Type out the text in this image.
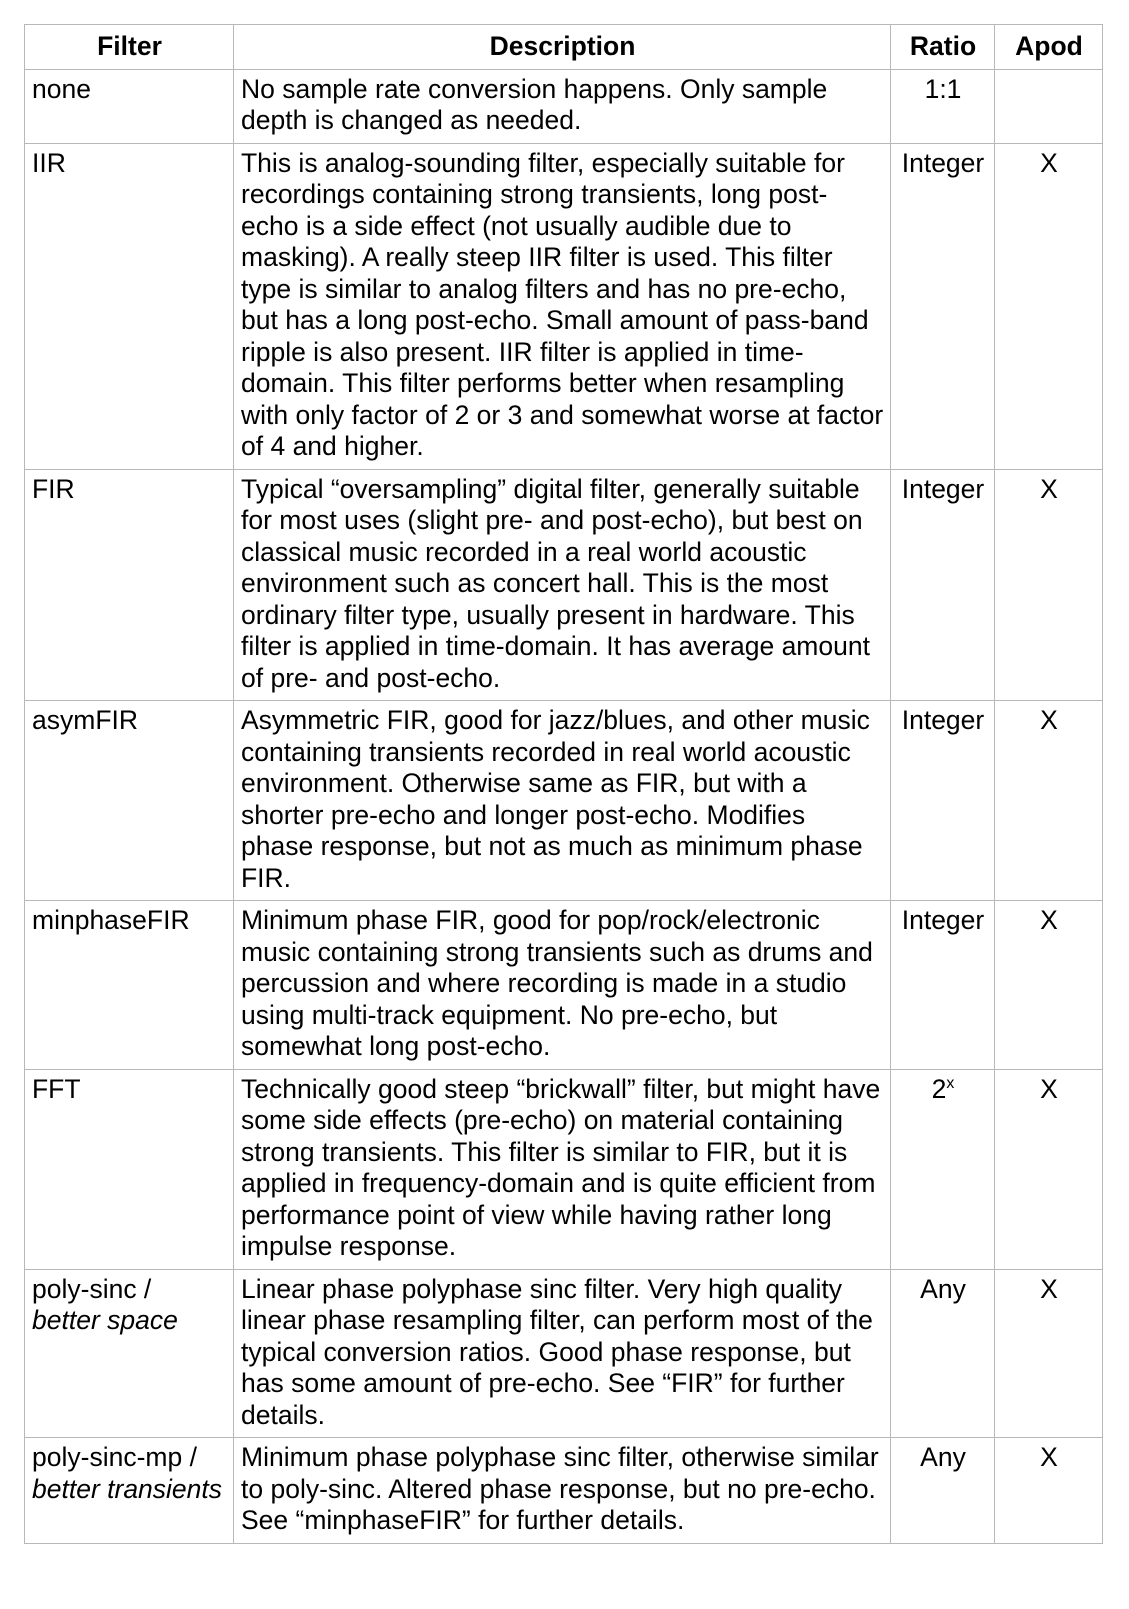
Filter	Description	Ratio	Apod
none	No sample rate conversion happens. Only sample depth is changed as needed.	1:1	
IIR	This is analog-sounding filter, especially suitable for recordings containing strong transients, long post-echo is a side effect (not usually audible due to masking). A really steep IIR filter is used. This filter type is similar to analog filters and has no pre-echo, but has a long post-echo. Small amount of pass-band ripple is also present. IIR filter is applied in time-domain. This filter performs better when resampling with only factor of 2 or 3 and somewhat worse at factor of 4 and higher.	Integer	X
FIR	Typical “oversampling” digital filter, generally suitable for most uses (slight pre- and post-echo), but best on classical music recorded in a real world acoustic environment such as concert hall. This is the most ordinary filter type, usually present in hardware. This filter is applied in time-domain. It has average amount of pre- and post-echo.	Integer	X
asymFIR	Asymmetric FIR, good for jazz/blues, and other music containing transients recorded in real world acoustic environment. Otherwise same as FIR, but with a shorter pre-echo and longer post-echo. Modifies phase response, but not as much as minimum phase FIR.	Integer	X
minphaseFIR	Minimum phase FIR, good for pop/rock/electronic music containing strong transients such as drums and percussion and where recording is made in a studio using multi-track equipment. No pre-echo, but somewhat long post-echo.	Integer	X
FFT	Technically good steep “brickwall” filter, but might have some side effects (pre-echo) on material containing strong transients. This filter is similar to FIR, but it is applied in frequency-domain and is quite efficient from performance point of view while having rather long impulse response.	2$^x$	X
poly-sinc /
better space	Linear phase polyphase sinc filter. Very high quality linear phase resampling filter, can perform most of the typical conversion ratios. Good phase response, but has some amount of pre-echo. See “FIR” for further details.	Any	X
poly-sinc-mp /
better transients	Minimum phase polyphase sinc filter, otherwise similar to poly-sinc. Altered phase response, but no pre-echo. See “minphaseFIR” for further details.	Any	X
